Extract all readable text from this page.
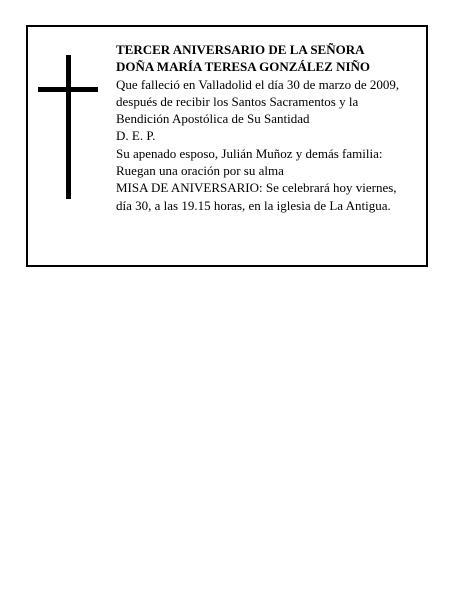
TERCER ANIVERSARIO DE LA SEÑORA
DOÑA MARÍA TERESA GONZÁLEZ NIÑO
Que falleció en Valladolid el día 30 de marzo de 2009,
después de recibir los Santos Sacramentos y la
Bendición Apostólica de Su Santidad
D. E. P.
Su apenado esposo, Julián Muñoz y demás familia:
Ruegan una oración por su alma
MISA DE ANIVERSARIO: Se celebrará hoy viernes,
día 30, a las 19.15 horas, en la iglesia de La Antigua.
